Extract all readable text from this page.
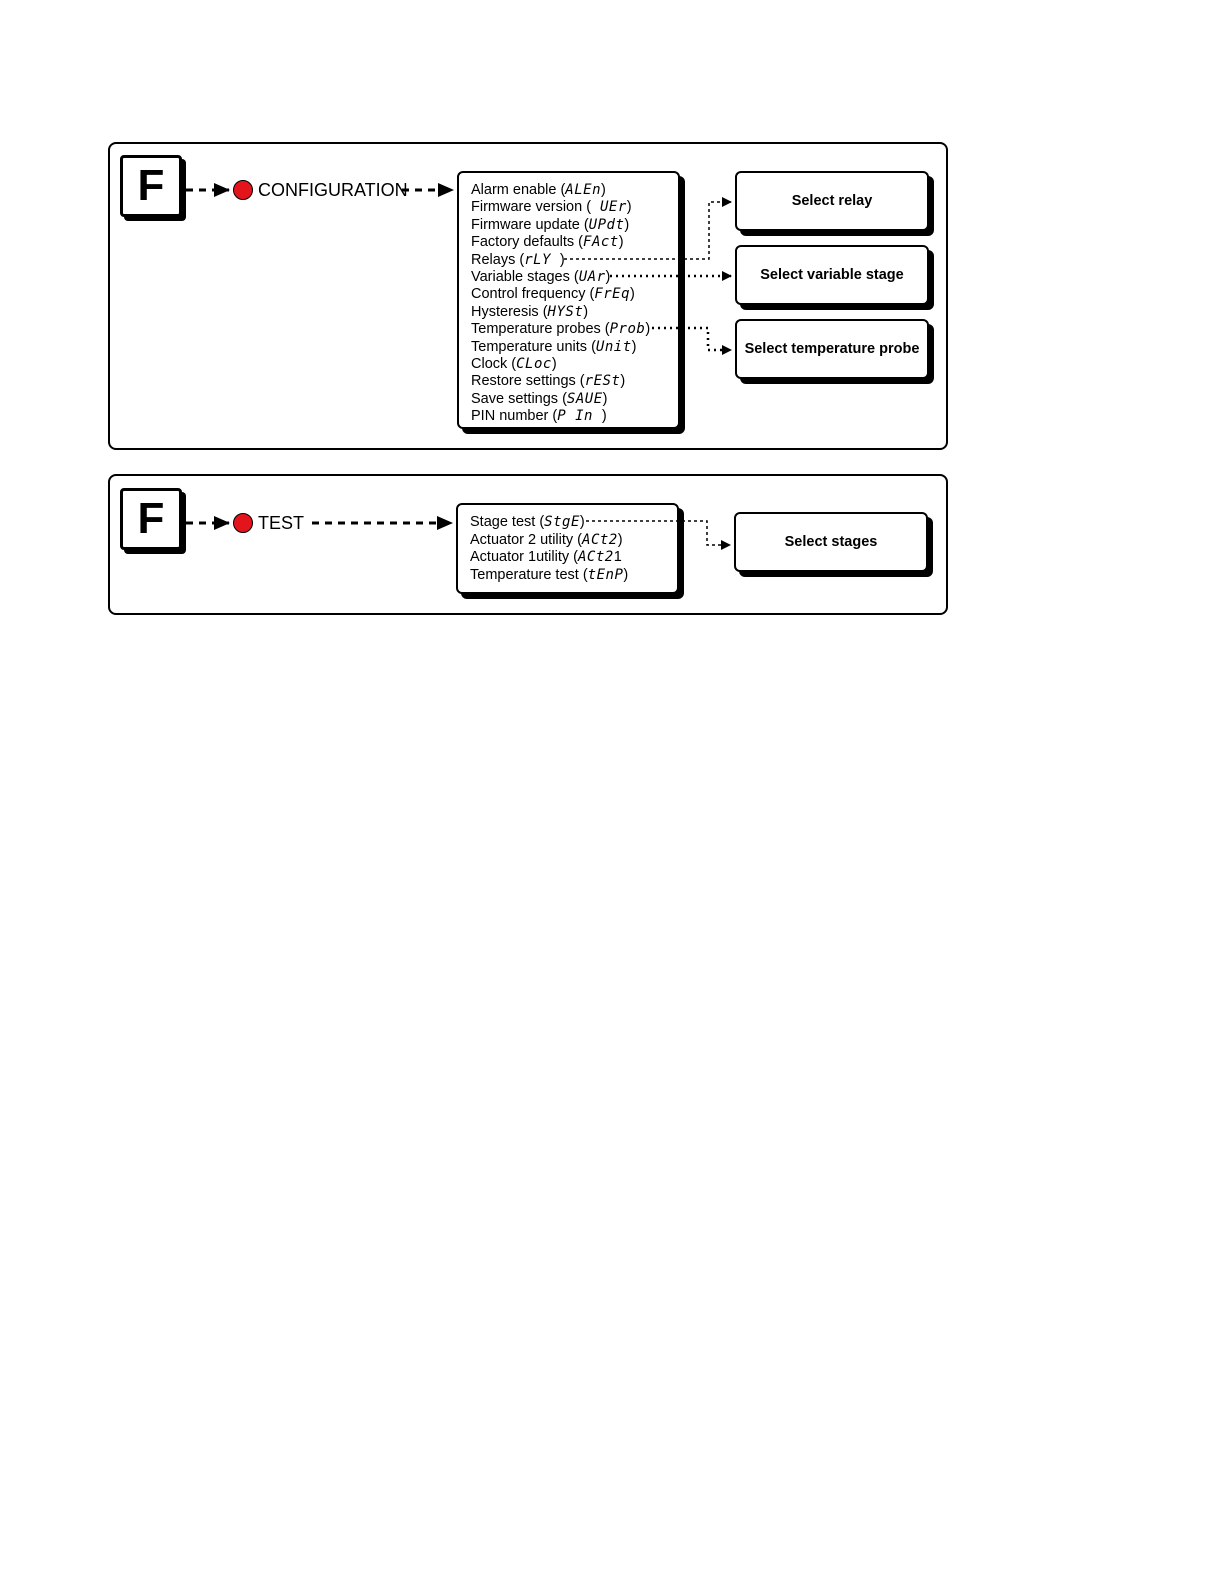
F	CONFIGURATION	Alarm enable (ALEn)
Firmware version ( UEr)
Firmware update (UPdt)
Factory defaults (FAct)
Relays (rLY )
Variable stages (UAr)
Control frequency (FrEq)
Hysteresis (HYSt)
Temperature probes (Prob)
Temperature units (Unit)
Clock (CLoc)
Restore settings (rESt)
Save settings (SAUE)
PIN number (P In )
Select relay
Select variable stage
Select temperature probe
F	TEST	Stage test (StgE)
Actuator 2 utility (ACt2)
Actuator 1utility (ACt21
Temperature test (tEnP)
Select stages
